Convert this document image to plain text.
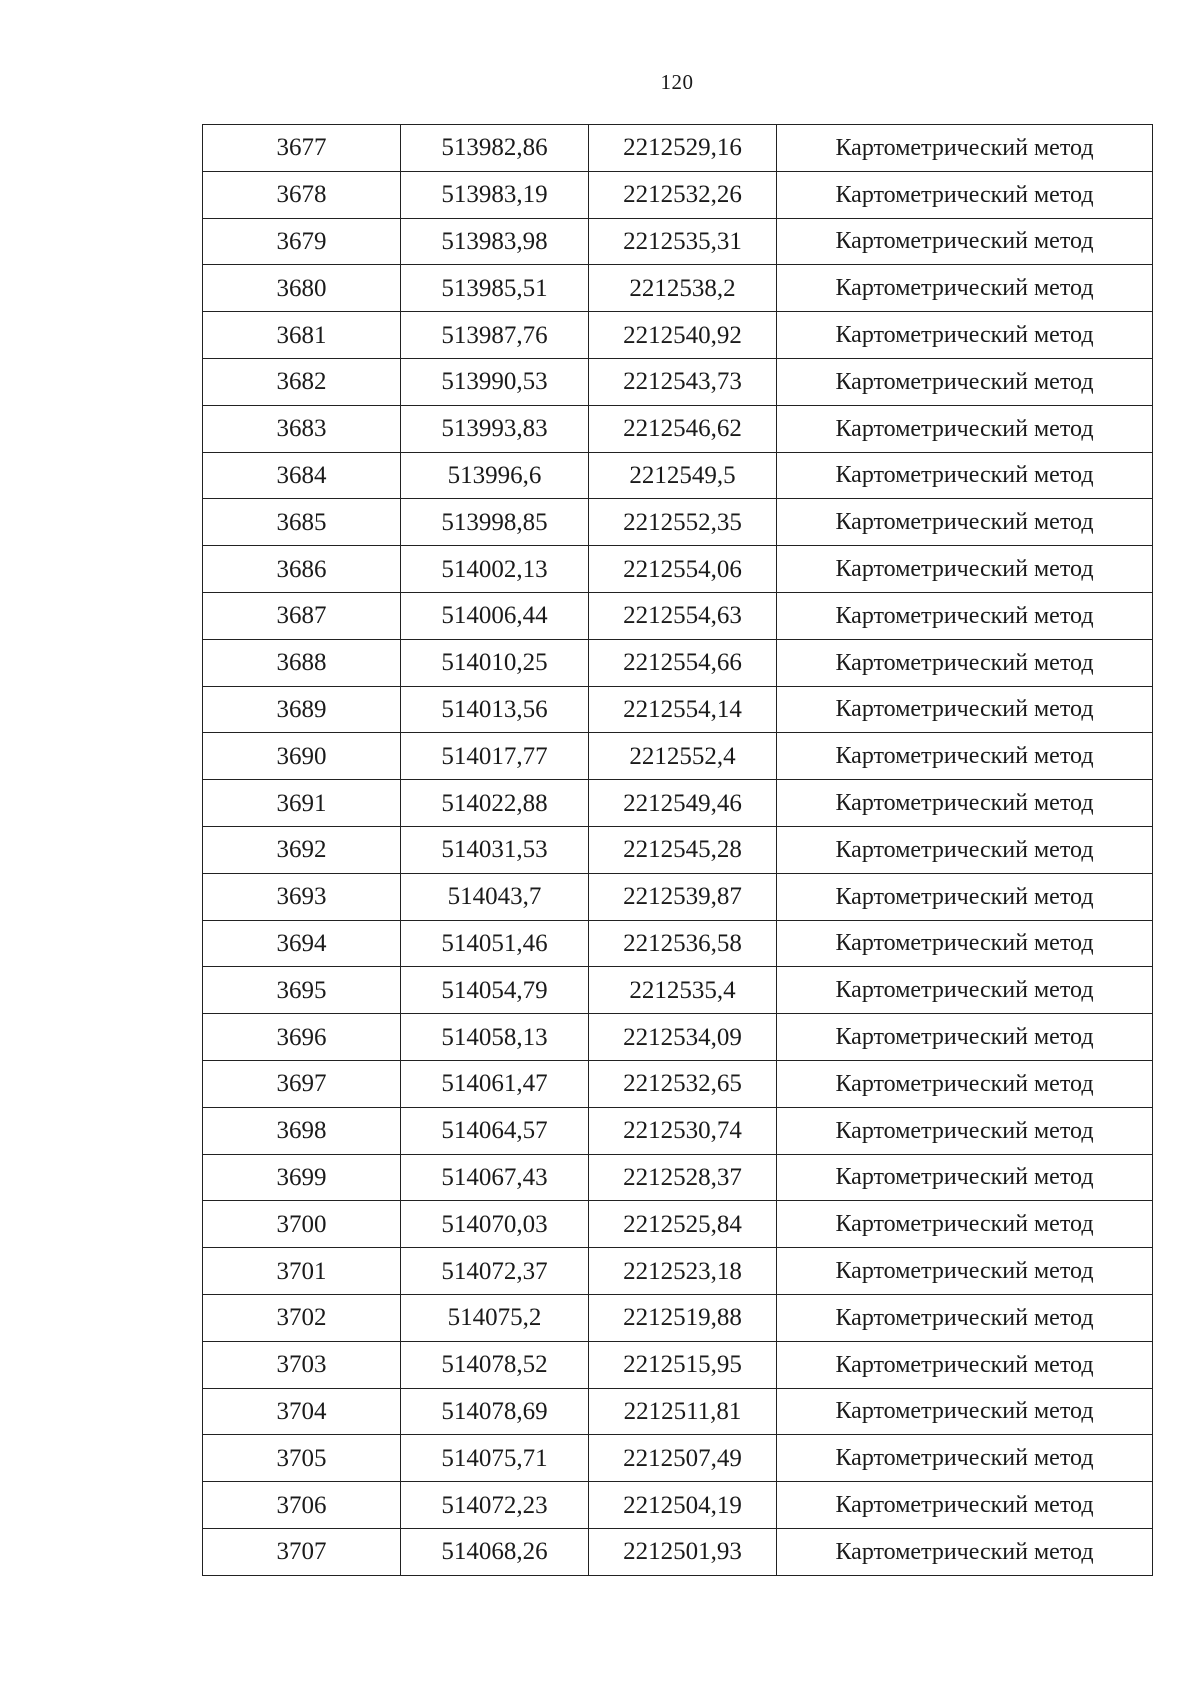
120
3677	513982,86	2212529,16	Картометрический метод
3678	513983,19	2212532,26	Картометрический метод
3679	513983,98	2212535,31	Картометрический метод
3680	513985,51	2212538,2	Картометрический метод
3681	513987,76	2212540,92	Картометрический метод
3682	513990,53	2212543,73	Картометрический метод
3683	513993,83	2212546,62	Картометрический метод
3684	513996,6	2212549,5	Картометрический метод
3685	513998,85	2212552,35	Картометрический метод
3686	514002,13	2212554,06	Картометрический метод
3687	514006,44	2212554,63	Картометрический метод
3688	514010,25	2212554,66	Картометрический метод
3689	514013,56	2212554,14	Картометрический метод
3690	514017,77	2212552,4	Картометрический метод
3691	514022,88	2212549,46	Картометрический метод
3692	514031,53	2212545,28	Картометрический метод
3693	514043,7	2212539,87	Картометрический метод
3694	514051,46	2212536,58	Картометрический метод
3695	514054,79	2212535,4	Картометрический метод
3696	514058,13	2212534,09	Картометрический метод
3697	514061,47	2212532,65	Картометрический метод
3698	514064,57	2212530,74	Картометрический метод
3699	514067,43	2212528,37	Картометрический метод
3700	514070,03	2212525,84	Картометрический метод
3701	514072,37	2212523,18	Картометрический метод
3702	514075,2	2212519,88	Картометрический метод
3703	514078,52	2212515,95	Картометрический метод
3704	514078,69	2212511,81	Картометрический метод
3705	514075,71	2212507,49	Картометрический метод
3706	514072,23	2212504,19	Картометрический метод
3707	514068,26	2212501,93	Картометрический метод
